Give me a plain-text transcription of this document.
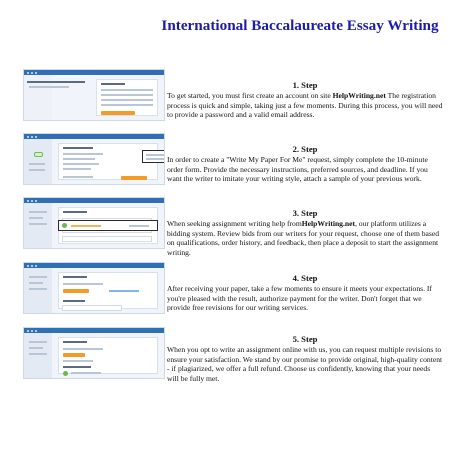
International Baccalaureate Essay Writing
1. Step
To get started, you must first create an account on site HelpWriting.net The registration process is quick and simple, taking just a few moments. During this process, you will need to provide a password and a valid email address.
2. Step
In order to create a "Write My Paper For Me" request, simply complete the 10-minute order form. Provide the necessary instructions, preferred sources, and deadline. If you want the writer to imitate your writing style, attach a sample of your previous work.
3. Step
When seeking assignment writing help fromHelpWriting.net, our platform utilizes a bidding system. Review bids from our writers for your request, choose one of them based on qualifications, order history, and feedback, then place a deposit to start the assignment writing.
4. Step
After receiving your paper, take a few moments to ensure it meets your expectations. If you're pleased with the result, authorize payment for the writer. Don't forget that we provide free revisions for our writing services.
5. Step
When you opt to write an assignment online with us, you can request multiple revisions to ensure your satisfaction. We stand by our promise to provide original, high-quality content - if plagiarized, we offer a full refund. Choose us confidently, knowing that your needs will be fully met.
